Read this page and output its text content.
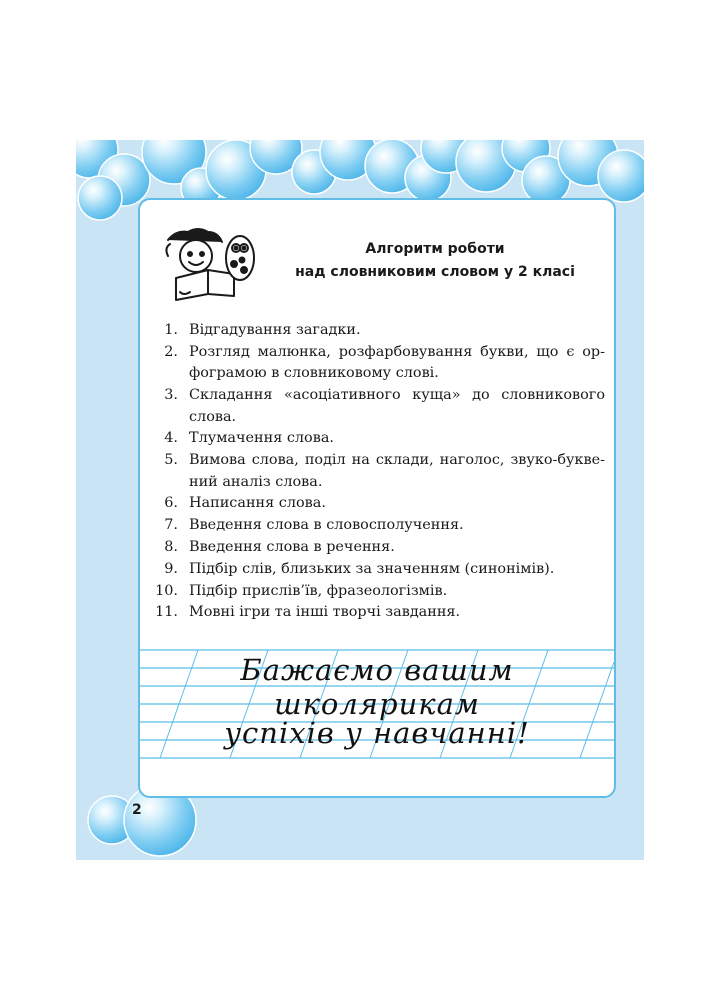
Алгоритм роботи
над словниковим словом у 2 класі
1. Відгадування загадки.
2. Розгляд малюнка, розфарбовування букви, що є ор-фограмою в словниковому слові.
3. Складання «асоціативного куща» до словникового слова.
4. Тлумачення слова.
5. Вимова слова, поділ на склади, наголос, звуко-букве-ний аналіз слова.
6. Написання слова.
7. Введення слова в словосполучення.
8. Введення слова в речення.
9. Підбір слів, близьких за значенням (синонімів).
10. Підбір прислів’їв, фразеологізмів.
11. Мовні ігри та інші творчі завдання.
Бажаємо вашим школярикам
успіхів у навчанні!
2
